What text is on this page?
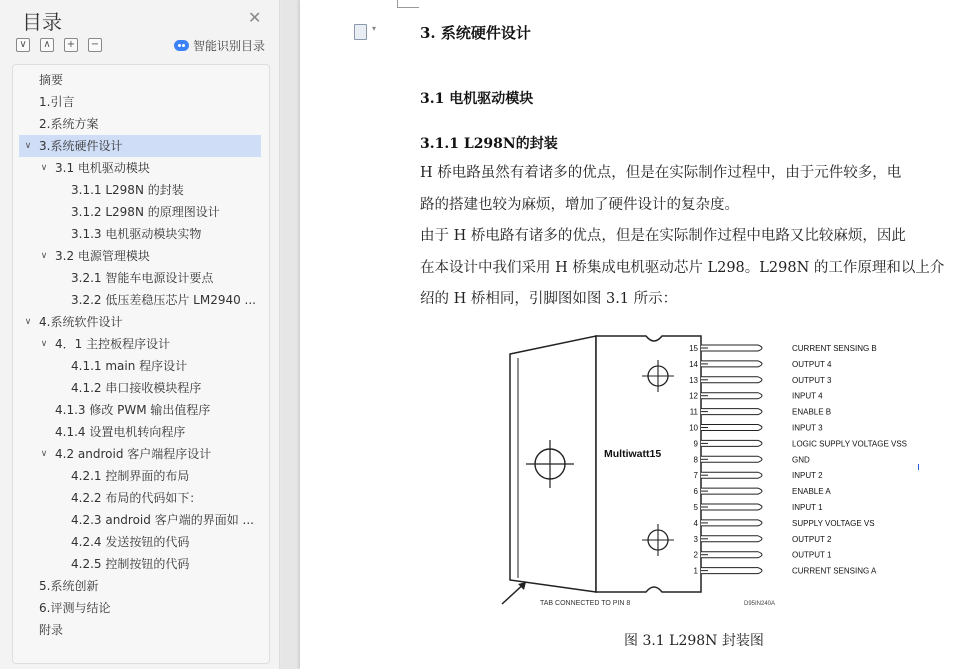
目录	✕
∨	∧	+ −	智能识别目录
摘要
1.引言
2.系统方案
∨ 3.系统硬件设计
∨ 3.1 电机驱动模块
3.1.1 L298N 的封装
3.1.2 L298N 的原理图设计
3.1.3 电机驱动模块实物
∨ 3.2 电源管理模块
3.2.1 智能车电源设计要点
3.2.2 低压差稳压芯片 LM2940 ...
∨ 4.系统软件设计
∨ 4．1 主控板程序设计
4.1.1 main 程序设计
4.1.2 串口接收模块程序
4.1.3 修改 PWM 输出值程序
4.1.4 设置电机转向程序
∨ 4.2 android 客户端程序设计
4.2.1 控制界面的布局
4.2.2 布局的代码如下：
4.2.3 android 客户端的界面如 ...
4.2.4 发送按钮的代码
4.2.5 控制按钮的代码
5.系统创新
6.评测与结论
附录
▾
3. 系统硬件设计
3.1 电机驱动模块
3.1.1 L298N的封装
H 桥电路虽然有着诸多的优点，但是在实际制作过程中，由于元件较多，电
路的搭建也较为麻烦，增加了硬件设计的复杂度。
由于 H 桥电路有诸多的优点，但是在实际制作过程中电路又比较麻烦，因此
在本设计中我们采用 H 桥集成电机驱动芯片 L298。L298N 的工作原理和以上介
绍的 H 桥相同，引脚图如图 3.1 所示：
Multiwatt15
TAB CONNECTED TO PIN 8	D95IN240A
15	CURRENT SENSING B
14	OUTPUT 4
13	OUTPUT 3
12	INPUT 4
11	ENABLE B
10	INPUT 3
9	LOGIC SUPPLY VOLTAGE VSS
8	GND
7	INPUT 2
6	ENABLE A
5	INPUT 1
4	SUPPLY VOLTAGE VS
3	OUTPUT 2
2	OUTPUT 1
1	CURRENT SENSING A
图 3.1 L298N 封装图
